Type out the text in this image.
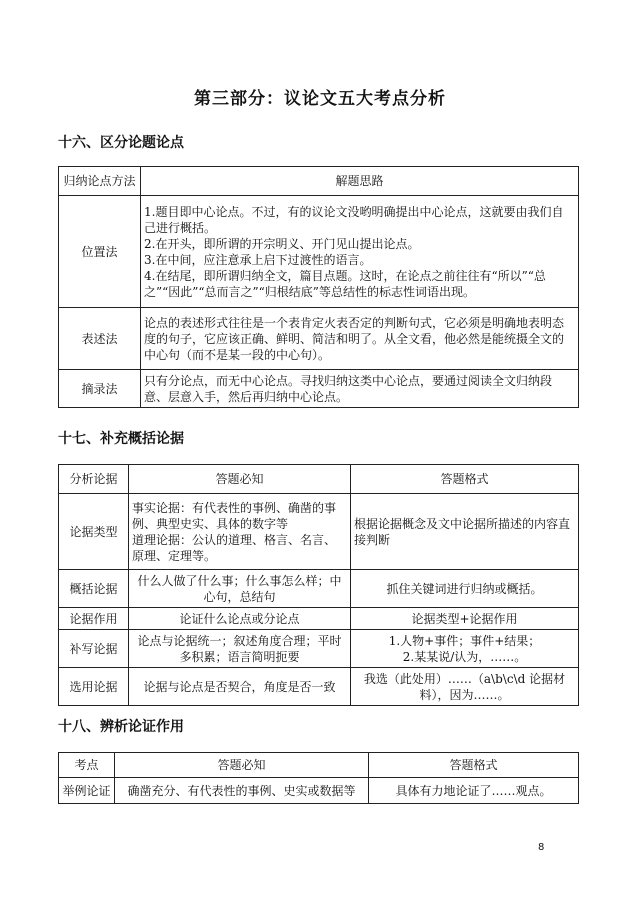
第三部分：议论文五大考点分析
十六、区分论题论点
归纳论点方法	解题思路
位置法	1.题目即中心论点。不过，有的议论文没哟明确提出中心论点，这就要由我们自己进行概括。
2.在开头，即所谓的开宗明义、开门见山提出论点。
3.在中间，应注意承上启下过渡性的语言。
4.在结尾，即所谓归纳全文，篇目点题。这时，在论点之前往往有“所以”“总之”“因此”“总而言之”“归根结底”等总结性的标志性词语出现。

表述法	论点的表述形式往往是一个表肯定火表否定的判断句式，它必须是明确地表明态度的句子，它应该正确、鲜明、简洁和明了。从全文看，他必然是能统摄全文的中心句（而不是某一段的中心句）。
摘录法	只有分论点，而无中心论点。寻找归纳这类中心论点，要通过阅读全文归纳段意、层意入手，然后再归纳中心论点。
十七、补充概括论据
分析论据	答题必知	答题格式
论据类型	事实论据：有代表性的事例、确凿的事例、典型史实、具体的数字等
道理论据：公认的道理、格言、名言、原理、定理等。	根据论据概念及文中论据所描述的内容直接判断
概括论据	什么人做了什么事；什么事怎么样；中心句，总结句	抓住关键词进行归纳或概括。
论据作用	论证什么论点或分论点	论据类型+论据作用
补写论据	论点与论据统一；叙述角度合理；平时多积累；语言简明扼要	1.人物+事件；事件+结果；
2.某某说/认为，……。

选用论据	论据与论点是否契合，角度是否一致	我选（此处用）……（a\b\c\d 论据材料），因为……。
十八、辨析论证作用
考点	答题必知	答题格式
举例论证	确凿充分、有代表性的事例、史实或数据等	具体有力地论证了……观点。
8
